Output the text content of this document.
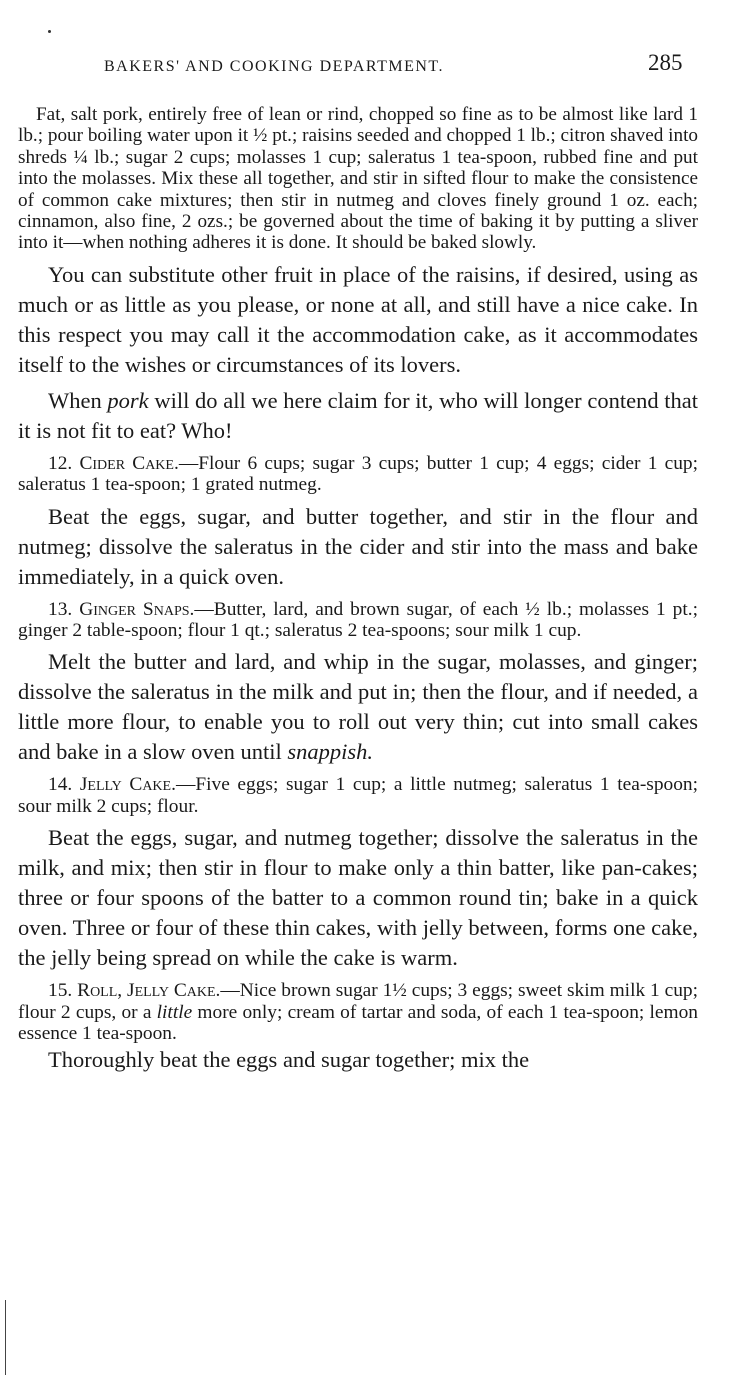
BAKERS' AND COOKING DEPARTMENT.	285

Fat, salt pork, entirely free of lean or rind, chopped so fine as to be almost like lard 1 lb.; pour boiling water upon it ½ pt.; raisins seeded and chopped 1 lb.; citron shaved into shreds ¼ lb.; sugar 2 cups; molasses 1 cup; saleratus 1 tea-spoon, rubbed fine and put into the molasses. Mix these all together, and stir in sifted flour to make the consistence of common cake mixtures; then stir in nutmeg and cloves finely ground 1 oz. each; cinnamon, also fine, 2 ozs.; be governed about the time of baking it by putting a sliver into it—when nothing adheres it is done. It should be baked slowly.

You can substitute other fruit in place of the raisins, if desired, using as much or as little as you please, or none at all, and still have a nice cake. In this respect you may call it the accommodation cake, as it accommodates itself to the wishes or circumstances of its lovers.

When pork will do all we here claim for it, who will longer contend that it is not fit to eat? Who!

12. Cider Cake.—Flour 6 cups; sugar 3 cups; butter 1 cup; 4 eggs; cider 1 cup; saleratus 1 tea-spoon; 1 grated nutmeg.

Beat the eggs, sugar, and butter together, and stir in the flour and nutmeg; dissolve the saleratus in the cider and stir into the mass and bake immediately, in a quick oven.

13. Ginger Snaps.—Butter, lard, and brown sugar, of each ½ lb.; molasses 1 pt.; ginger 2 table-spoon; flour 1 qt.; saleratus 2 tea-spoons; sour milk 1 cup.

Melt the butter and lard, and whip in the sugar, molasses, and ginger; dissolve the saleratus in the milk and put in; then the flour, and if needed, a little more flour, to enable you to roll out very thin; cut into small cakes and bake in a slow oven until snappish.

14. Jelly Cake.—Five eggs; sugar 1 cup; a little nutmeg; saleratus 1 tea-spoon; sour milk 2 cups; flour.

Beat the eggs, sugar, and nutmeg together; dissolve the saleratus in the milk, and mix; then stir in flour to make only a thin batter, like pan-cakes; three or four spoons of the batter to a common round tin; bake in a quick oven. Three or four of these thin cakes, with jelly between, forms one cake, the jelly being spread on while the cake is warm.

15. Roll, Jelly Cake.—Nice brown sugar 1½ cups; 3 eggs; sweet skim milk 1 cup; flour 2 cups, or a little more only; cream of tartar and soda, of each 1 tea-spoon; lemon essence 1 tea-spoon.

Thoroughly beat the eggs and sugar together; mix the
